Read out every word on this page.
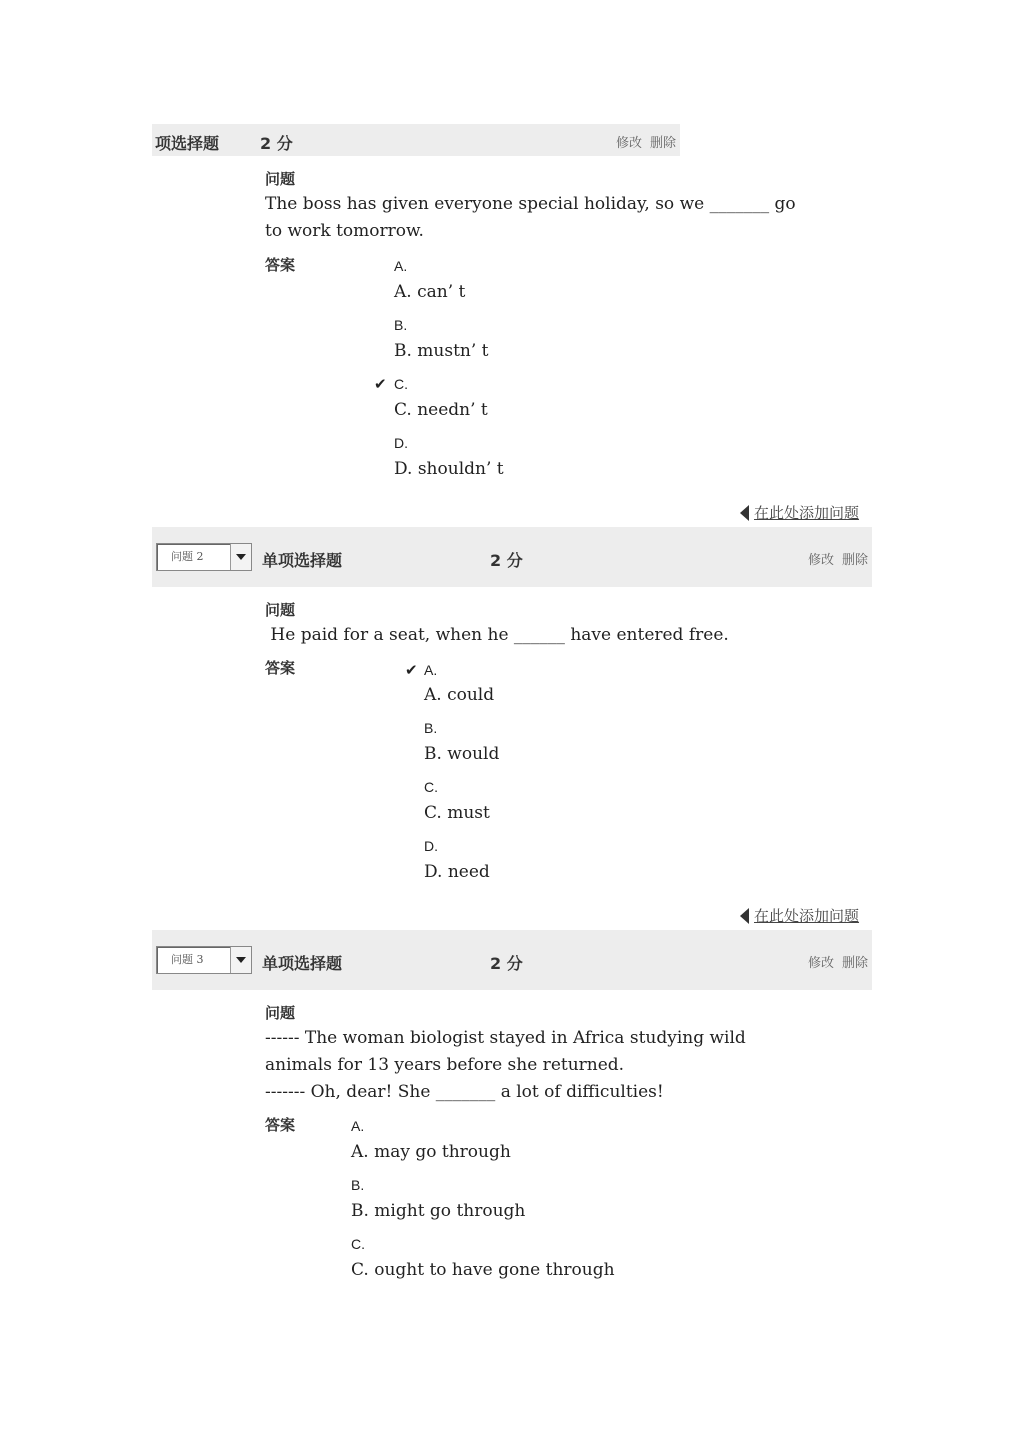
项选择题	2 分	修改 删除
问题
The boss has given everyone special holiday, so we _______ go
to work tomorrow.
答案	A.
A. can’ t
B.
B. mustn’ t
✔ C.
C. needn’ t
D.
D. shouldn’ t
在此处添加问题
问题 2	单项选择题	2 分	修改 删除
问题
He paid for a seat, when he ______ have entered free.
答案	✔ A.
A. could
B.
B. would
C.
C. must
D.
D. need
在此处添加问题
问题 3	单项选择题	2 分	修改 删除
问题
------ The woman biologist stayed in Africa studying wild
animals for 13 years before she returned.
------- Oh, dear! She _______ a lot of difficulties!
答案	A.
A. may go through
B.
B. might go through
C.
C. ought to have gone through
